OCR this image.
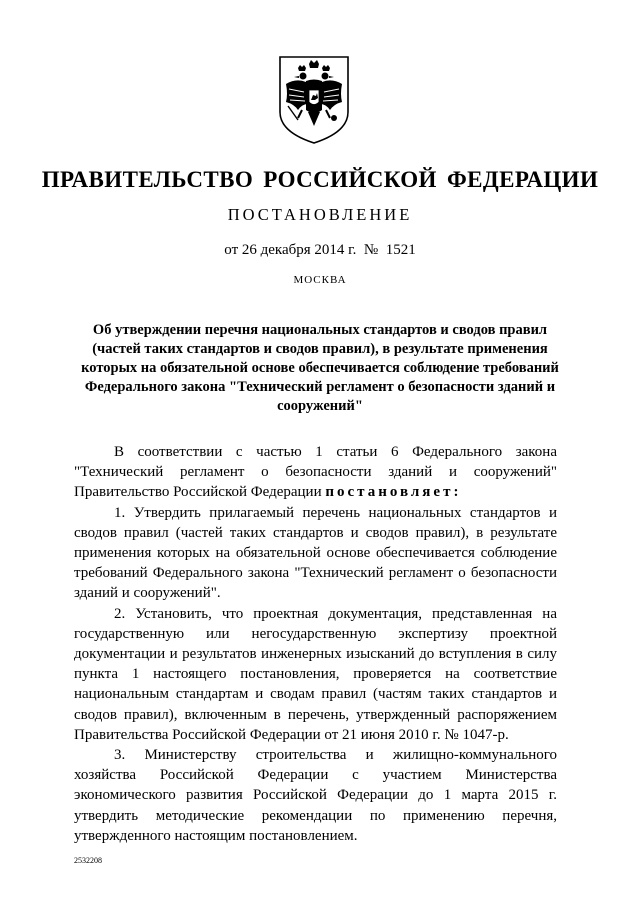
ПРАВИТЕЛЬСТВО РОССИЙСКОЙ ФЕДЕРАЦИИ
ПОСТАНОВЛЕНИЕ
от 26 декабря 2014 г.  №  1521
МОСКВА
Об утверждении перечня национальных стандартов и сводов правил (частей таких стандартов и сводов правил), в результате применения которых на обязательной основе обеспечивается соблюдение требований Федерального закона "Технический регламент о безопасности зданий и сооружений"

В соответствии с частью 1 статьи 6 Федерального закона "Технический регламент о безопасности зданий и сооружений" Правительство Российской Федерации постановляет:

1. Утвердить прилагаемый перечень национальных стандартов и сводов правил (частей таких стандартов и сводов правил), в результате применения которых на обязательной основе обеспечивается соблюдение требований Федерального закона "Технический регламент о безопасности зданий и сооружений".

2. Установить, что проектная документация, представленная на государственную или негосударственную экспертизу проектной документации и результатов инженерных изысканий до вступления в силу пункта 1 настоящего постановления, проверяется на соответствие национальным стандартам и сводам правил (частям таких стандартов и сводов правил), включенным в перечень, утвержденный распоряжением Правительства Российской Федерации от 21 июня 2010 г. № 1047-р.

3. Министерству строительства и жилищно-коммунального хозяйства Российской Федерации с участием Министерства экономического развития Российской Федерации до 1 марта 2015 г. утвердить методические рекомендации по применению перечня, утвержденного настоящим постановлением.

2532208
